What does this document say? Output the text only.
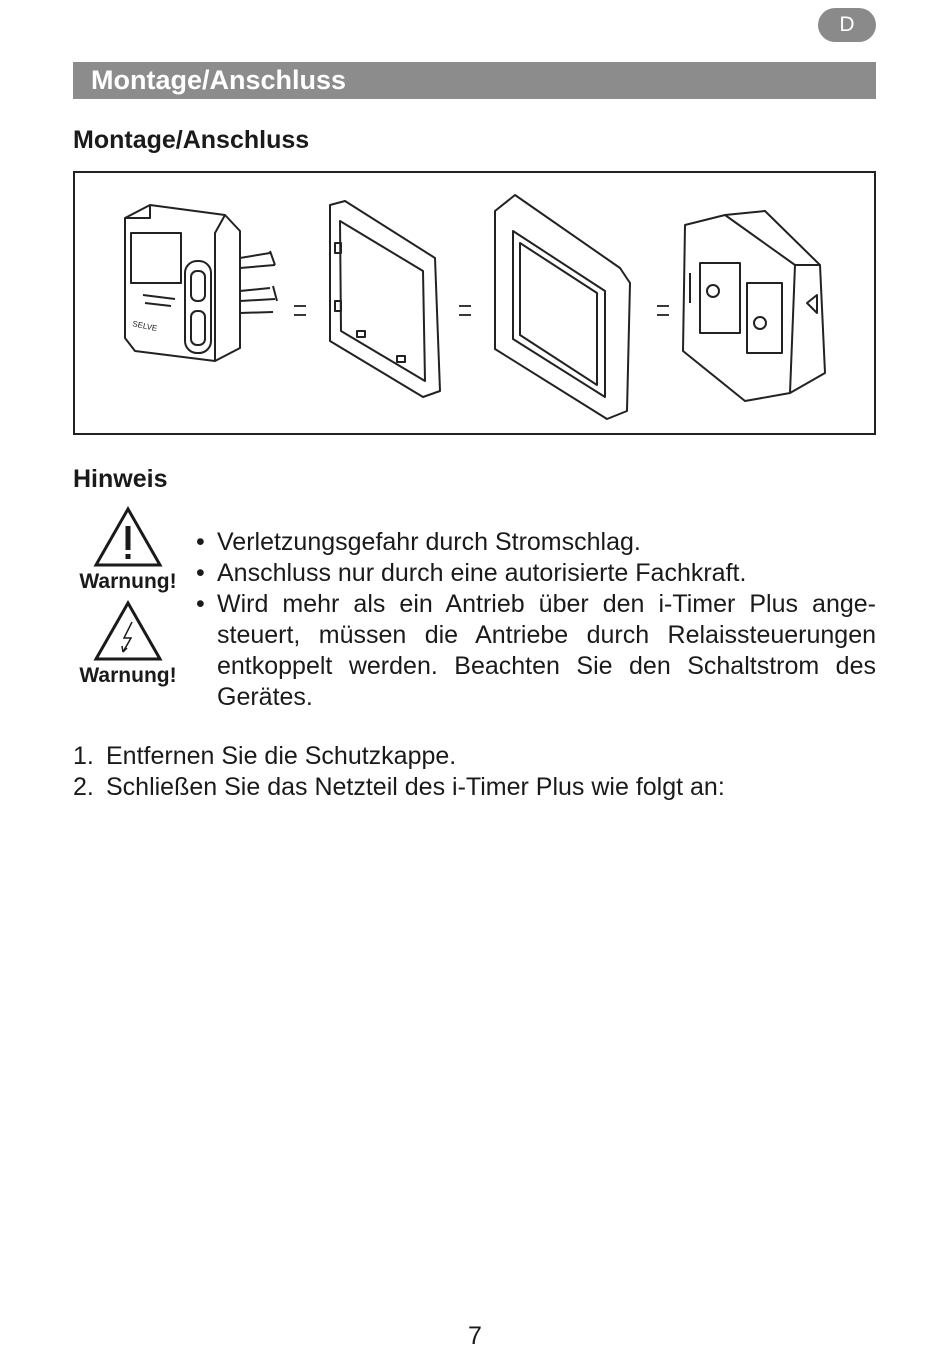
D
Montage/Anschluss
Montage/Anschluss
SELVE
Hinweis
Warnung!
Warnung!
• Verletzungsgefahr durch Stromschlag.
• Anschluss nur durch eine autorisierte Fachkraft.
• Wird mehr als ein Antrieb über den i-Timer Plus angesteuert, müssen die Antriebe durch Relaissteuerungen entkoppelt werden. Beachten Sie den Schaltstrom des Gerätes.
1. Entfernen Sie die Schutzkappe.
2. Schließen Sie das Netzteil des i-Timer Plus wie folgt an:
7
